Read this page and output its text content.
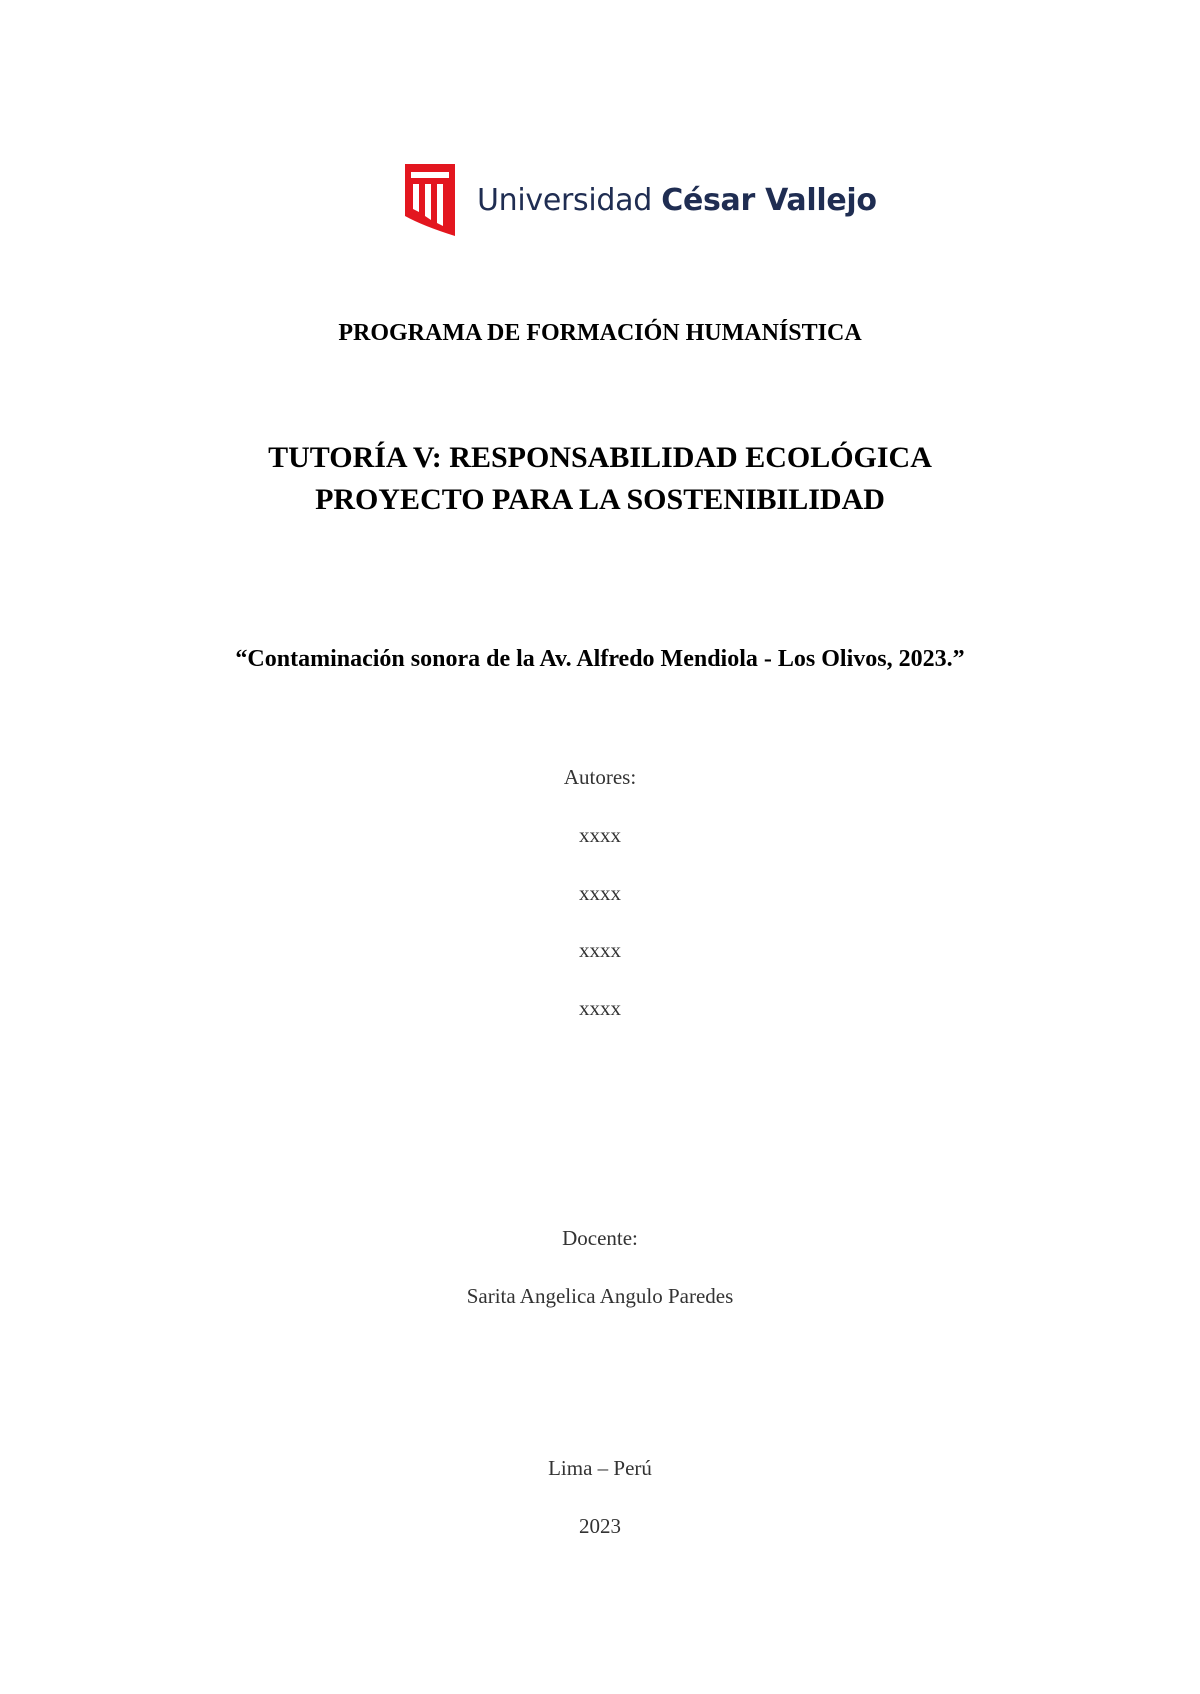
Universidad César Vallejo
PROGRAMA DE FORMACIÓN HUMANÍSTICA
TUTORÍA V: RESPONSABILIDAD ECOLÓGICA
PROYECTO PARA LA SOSTENIBILIDAD
“Contaminación sonora de la Av. Alfredo Mendiola - Los Olivos, 2023.”
Autores:
xxxx
xxxx
xxxx
xxxx
Docente:
Sarita Angelica Angulo Paredes
Lima – Perú
2023
